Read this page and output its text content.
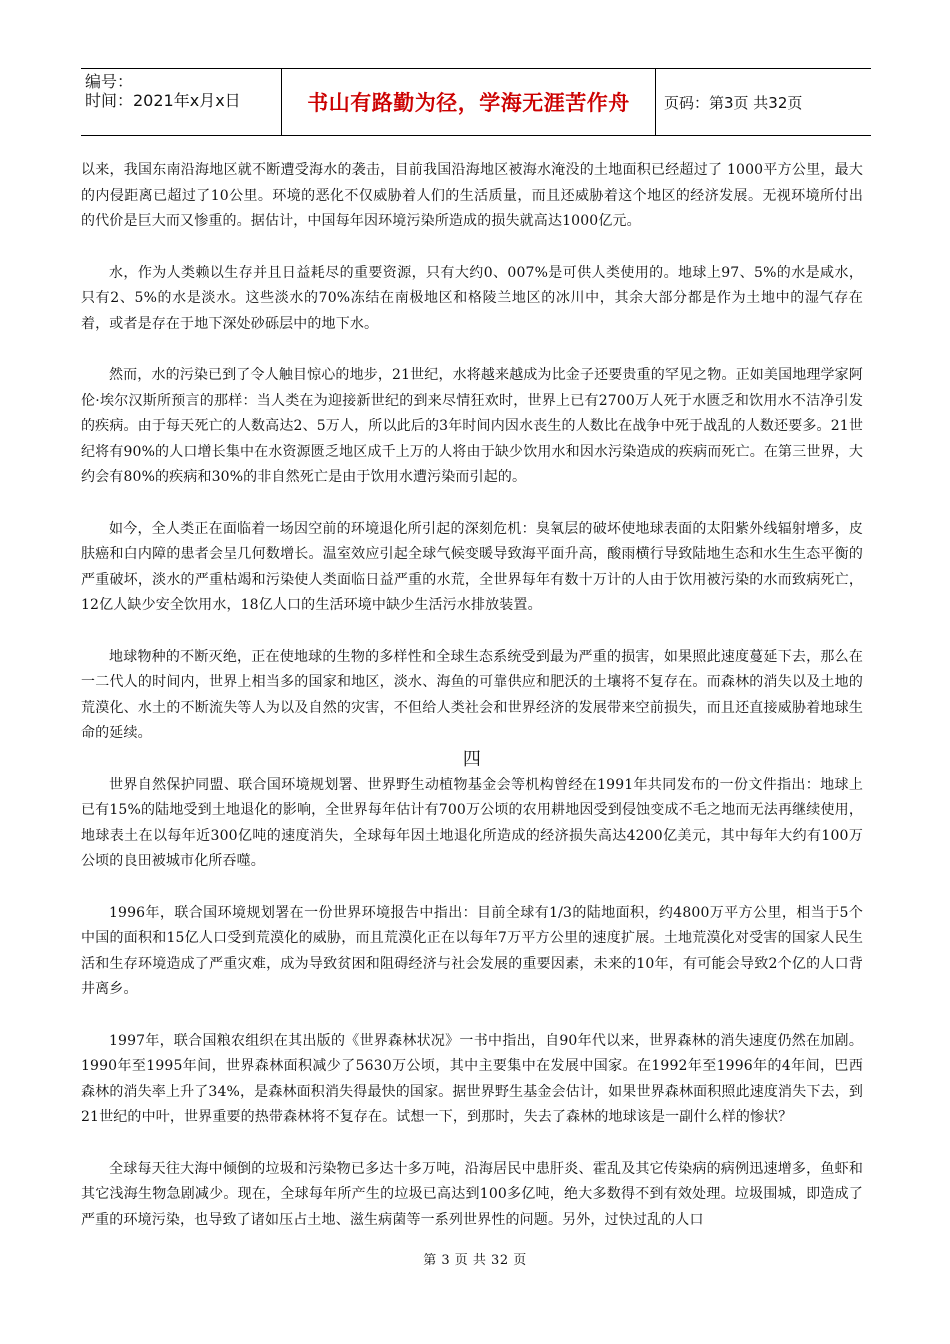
编号：
时间：2021年x月x日	书山有路勤为径，学海无涯苦作舟	页码：第3页 共32页

以来，我国东南沿海地区就不断遭受海水的袭击，目前我国沿海地区被海水淹没的土地面积已经超过了 1000平方公里，最大的内侵距离已超过了10公里。环境的恶化不仅威胁着人们的生活质量，而且还威胁着这个地区的经济发展。无视环境所付出的代价是巨大而又惨重的。据估计，中国每年因环境污染所造成的损失就高达1000亿元。

水，作为人类赖以生存并且日益耗尽的重要资源，只有大约0、007%是可供人类使用的。地球上97、5%的水是咸水，只有2、5%的水是淡水。这些淡水的70%冻结在南极地区和格陵兰地区的冰川中，其余大部分都是作为土地中的湿气存在着，或者是存在于地下深处砂砾层中的地下水。

然而，水的污染已到了令人触目惊心的地步，21世纪，水将越来越成为比金子还要贵重的罕见之物。正如美国地理学家阿伦·埃尔汉斯所预言的那样：当人类在为迎接新世纪的到来尽情狂欢时，世界上已有2700万人死于水匮乏和饮用水不洁净引发的疾病。由于每天死亡的人数高达2、5万人，所以此后的3年时间内因水丧生的人数比在战争中死于战乱的人数还要多。21世纪将有90%的人口增长集中在水资源匮乏地区成千上万的人将由于缺少饮用水和因水污染造成的疾病而死亡。在第三世界，大约会有80%的疾病和30%的非自然死亡是由于饮用水遭污染而引起的。

如今，全人类正在面临着一场因空前的环境退化所引起的深刻危机：臭氧层的破坏使地球表面的太阳紫外线辐射增多，皮肤癌和白内障的患者会呈几何数增长。温室效应引起全球气候变暖导致海平面升高，酸雨横行导致陆地生态和水生生态平衡的严重破坏，淡水的严重枯竭和污染使人类面临日益严重的水荒，全世界每年有数十万计的人由于饮用被污染的水而致病死亡，12亿人缺少安全饮用水，18亿人口的生活环境中缺少生活污水排放装置。

地球物种的不断灭绝，正在使地球的生物的多样性和全球生态系统受到最为严重的损害，如果照此速度蔓延下去，那么在一二代人的时间内，世界上相当多的国家和地区，淡水、海鱼的可靠供应和肥沃的土壤将不复存在。而森林的消失以及土地的荒漠化、水土的不断流失等人为以及自然的灾害，不但给人类社会和世界经济的发展带来空前损失，而且还直接威胁着地球生命的延续。

四

世界自然保护同盟、联合国环境规划署、世界野生动植物基金会等机构曾经在1991年共同发布的一份文件指出：地球上已有15%的陆地受到土地退化的影响，全世界每年估计有700万公顷的农用耕地因受到侵蚀变成不毛之地而无法再继续使用，地球表土在以每年近300亿吨的速度消失，全球每年因土地退化所造成的经济损失高达4200亿美元，其中每年大约有100万公顷的良田被城市化所吞噬。

1996年，联合国环境规划署在一份世界环境报告中指出：目前全球有1/3的陆地面积，约4800万平方公里，相当于5个中国的面积和15亿人口受到荒漠化的威胁，而且荒漠化正在以每年7万平方公里的速度扩展。土地荒漠化对受害的国家人民生活和生存环境造成了严重灾难，成为导致贫困和阻碍经济与社会发展的重要因素，未来的10年，有可能会导致2个亿的人口背井离乡。

1997年，联合国粮农组织在其出版的《世界森林状况》一书中指出，自90年代以来，世界森林的消失速度仍然在加剧。1990年至1995年间，世界森林面积减少了5630万公顷，其中主要集中在发展中国家。在1992年至1996年的4年间，巴西森林的消失率上升了34%，是森林面积消失得最快的国家。据世界野生基金会估计，如果世界森林面积照此速度消失下去，到21世纪的中叶，世界重要的热带森林将不复存在。试想一下，到那时，失去了森林的地球该是一副什么样的惨状？

全球每天往大海中倾倒的垃圾和污染物已多达十多万吨，沿海居民中患肝炎、霍乱及其它传染病的病例迅速增多，鱼虾和其它浅海生物急剧减少。现在，全球每年所产生的垃圾已高达到100多亿吨，绝大多数得不到有效处理。垃圾围城，即造成了严重的环境污染，也导致了诸如压占土地、滋生病菌等一系列世界性的问题。另外，过快过乱的人口

第 3 页 共 32 页
